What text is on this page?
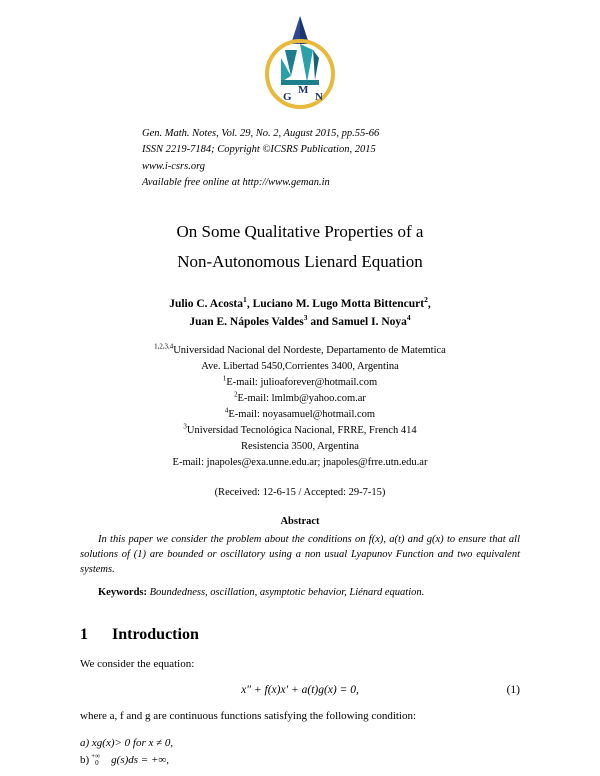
G
M
N
Gen. Math. Notes, Vol. 29, No. 2, August 2015, pp.55-66
ISSN 2219-7184; Copyright ©ICSRS Publication, 2015
www.i-csrs.org
Available free online at http://www.geman.in
On Some Qualitative Properties of a
Non-Autonomous Lienard Equation
Julio C. Acosta$^1$, Luciano M. Lugo Motta Bittencurt$^2$,
Juan E. Nápoles Valdes$^3$ and Samuel I. Noya$^4$
$^{1,2,3,4}$Universidad Nacional del Nordeste, Departamento de Matemtica
Ave. Libertad 5450,Corrientes 3400, Argentina
$^1$E-mail: julioaforever@hotmail.com
$^2$E-mail: lmlmb@yahoo.com.ar
$^4$E-mail: noyasamuel@hotmail.com
$^3$Universidad Tecnológica Nacional, FRRE, French 414
Resistencia 3500, Argentina
E-mail: jnapoles@exa.unne.edu.ar; jnapoles@frre.utn.edu.ar
(Received: 12-6-15 / Accepted: 29-7-15)
Abstract
In this paper we consider the problem about the conditions on f(x), a(t) and g(x) to ensure that all solutions of (1) are bounded or oscillatory using a non usual Lyapunov Function and two equivalent systems.
Keywords: Boundedness, oscillation, asymptotic behavior, Liénard equation.
1 Introduction
We consider the equation:
x″ + f(x)x′ + a(t)g(x) = 0,	(1)
where a, f and g are continuous functions satisfying the following condition:
a) xg(x)> 0 for x ≠ 0,
b) +∞
0 g(s)ds = +∞,
